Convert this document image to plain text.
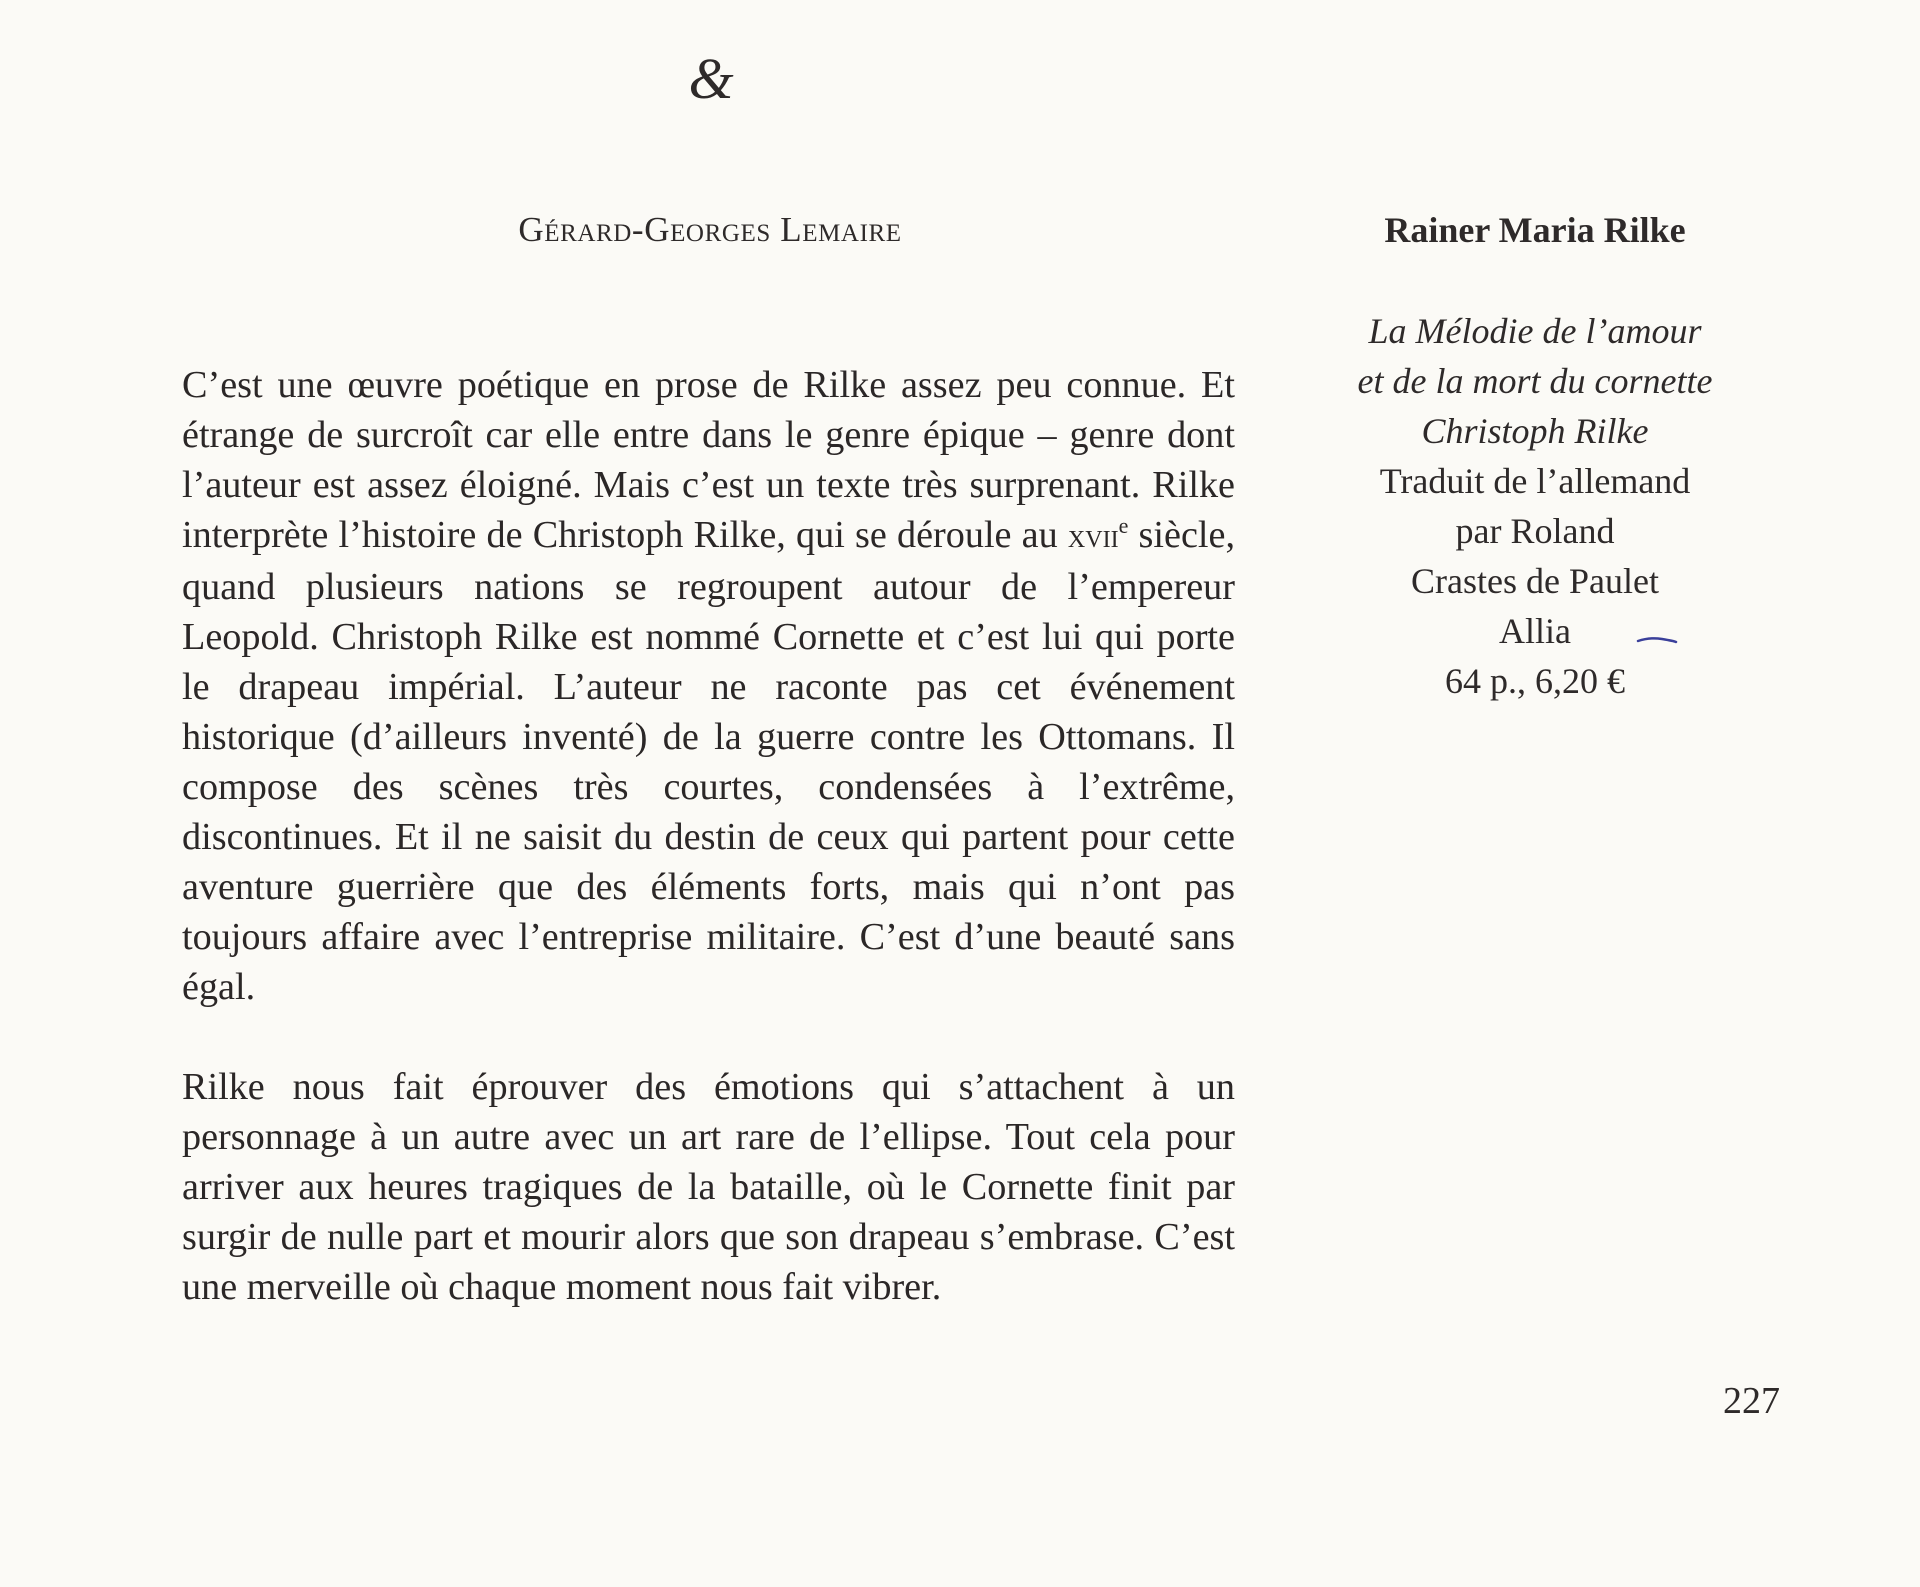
&
Gérard-Georges Lemaire

C’est une œuvre poétique en prose de Rilke assez peu connue. Et étrange de surcroît car elle entre dans le genre épique – genre dont l’auteur est assez éloigné. Mais c’est un texte très surprenant. Rilke interprète l’histoire de Christoph Rilke, qui se déroule au xvii$^e$ siècle, quand plusieurs nations se regroupent autour de l’empereur Leopold. Christoph Rilke est nommé Cornette et c’est lui qui porte le drapeau impérial. L’auteur ne raconte pas cet événement historique (d’ailleurs inventé) de la guerre contre les Ottomans. Il compose des scènes très courtes, condensées à l’extrême, discontinues. Et il ne saisit du destin de ceux qui partent pour cette aventure guerrière que des éléments forts, mais qui n’ont pas toujours affaire avec l’entreprise militaire. C’est d’une beauté sans égal.

Rilke nous fait éprouver des émotions qui s’attachent à un personnage à un autre avec un art rare de l’ellipse. Tout cela pour arriver aux heures tragiques de la bataille, où le Cornette finit par surgir de nulle part et mourir alors que son drapeau s’embrase. C’est une merveille où chaque moment nous fait vibrer.

Rainer Maria Rilke
La Mélodie de l’amour
et de la mort du cornette
Christoph Rilke
Traduit de l’allemand
par Roland
Crastes de Paulet
Allia
64 p., 6,20 €
227
